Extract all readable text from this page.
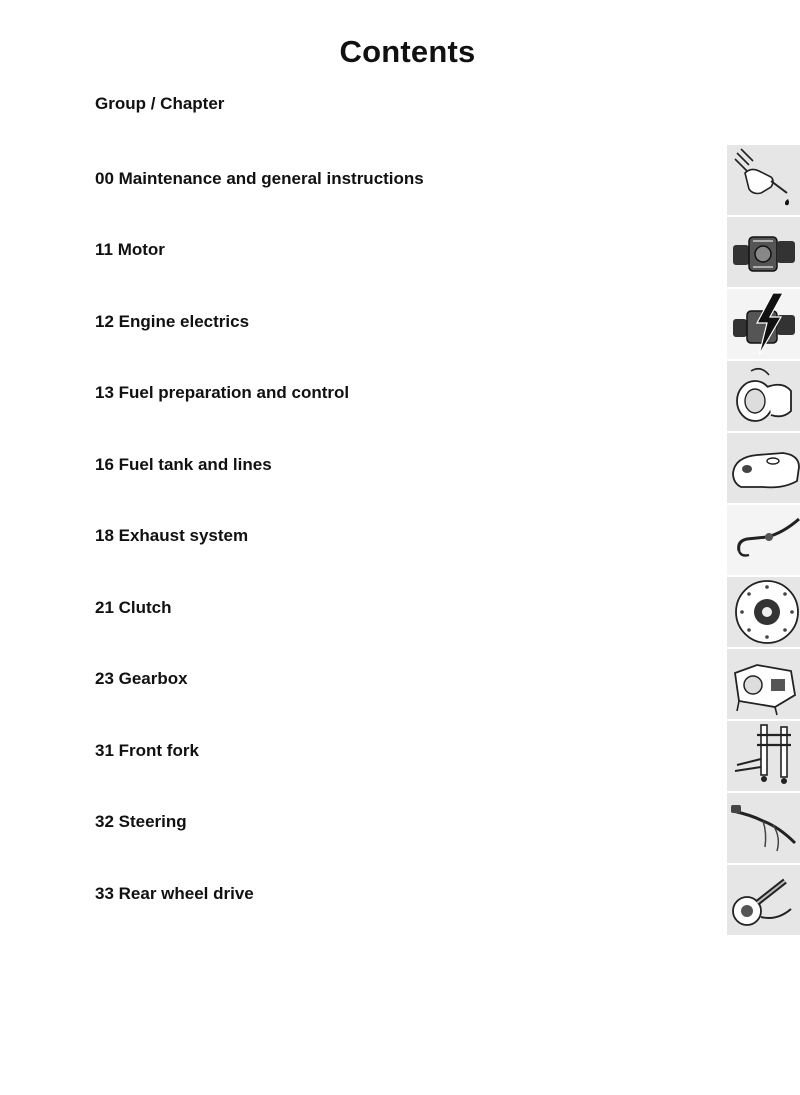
Contents
Group / Chapter
00 Maintenance and general instructions
11 Motor
12 Engine electrics
13 Fuel preparation and control
16 Fuel tank and lines
18 Exhaust system
21 Clutch
23 Gearbox
31 Front fork
32 Steering
33 Rear wheel drive
